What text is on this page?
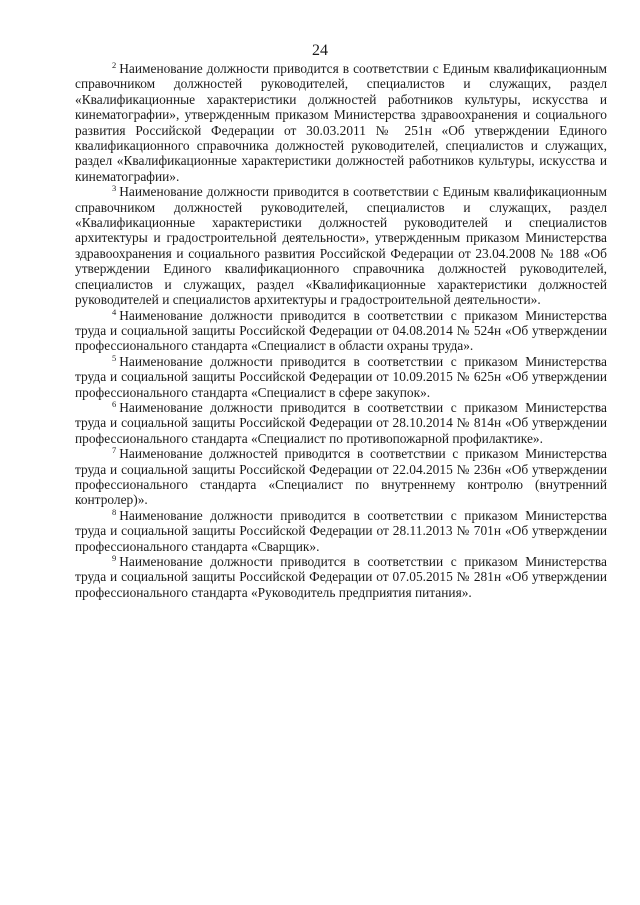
24

$^2$ Наименование должности приводится в соответствии с Единым квалификационным справочником должностей руководителей, специалистов и служащих, раздел «Квалификационные характеристики должностей работников культуры, искусства и кинематографии», утвержденным приказом Министерства здравоохранения и социального развития Российской Федерации от 30.03.2011 № 251н «Об утверждении Единого квалификационного справочника должностей руководителей, специалистов и служащих, раздел «Квалификационные характеристики должностей работников культуры, искусства и кинематографии».

$^3$ Наименование должности приводится в соответствии с Единым квалификационным справочником должностей руководителей, специалистов и служащих, раздел «Квалификационные характеристики должностей руководителей и специалистов архитектуры и градостроительной деятельности», утвержденным приказом Министерства здравоохранения и социального развития Российской Федерации от 23.04.2008 № 188 «Об утверждении Единого квалификационного справочника должностей руководителей, специалистов и служащих, раздел «Квалификационные характеристики должностей руководителей и специалистов архитектуры и градостроительной деятельности».

$^4$ Наименование должности приводится в соответствии с приказом Министерства труда и социальной защиты Российской Федерации от 04.08.2014 № 524н «Об утверждении профессионального стандарта «Специалист в области охраны труда».

$^5$ Наименование должности приводится в соответствии с приказом Министерства труда и социальной защиты Российской Федерации от 10.09.2015 № 625н «Об утверждении профессионального стандарта «Специалист в сфере закупок».

$^6$ Наименование должности приводится в соответствии с приказом Министерства труда и социальной защиты Российской Федерации от 28.10.2014 № 814н «Об утверждении профессионального стандарта «Специалист по противопожарной профилактике».

$^7$ Наименование должностей приводится в соответствии с приказом Министерства труда и социальной защиты Российской Федерации от 22.04.2015 № 236н «Об утверждении профессионального стандарта «Специалист по внутреннему контролю (внутренний контролер)».

$^8$ Наименование должности приводится в соответствии с приказом Министерства труда и социальной защиты Российской Федерации от 28.11.2013 № 701н «Об утверждении профессионального стандарта «Сварщик».

$^9$ Наименование должности приводится в соответствии с приказом Министерства труда и социальной защиты Российской Федерации от 07.05.2015 № 281н «Об утверждении профессионального стандарта «Руководитель предприятия питания».
